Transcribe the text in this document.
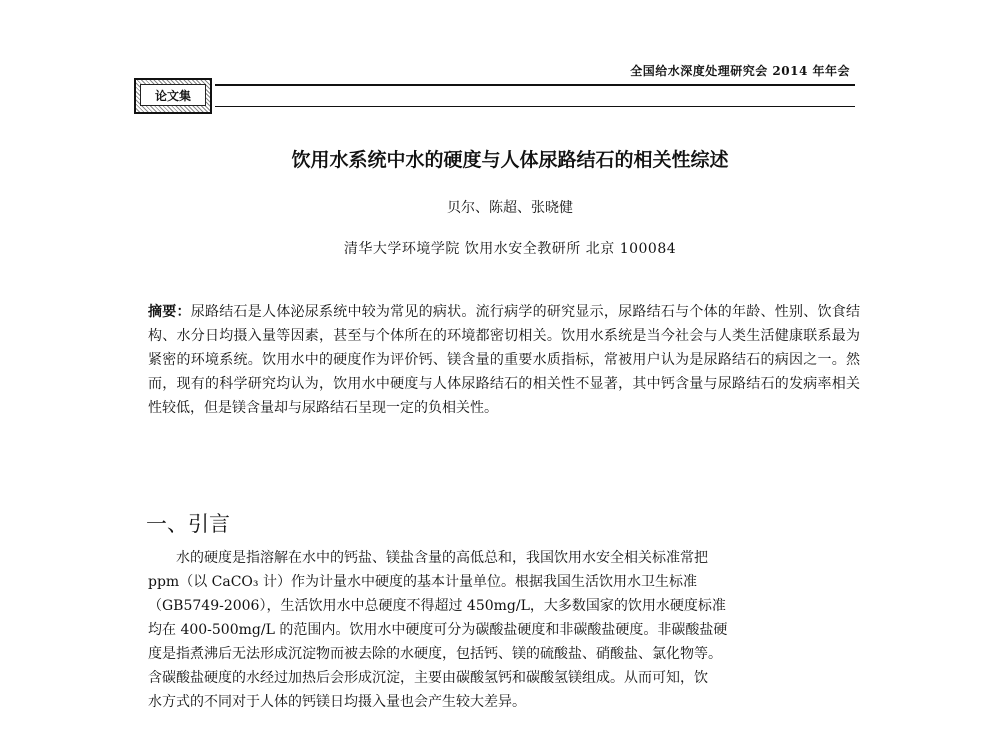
全国给水深度处理研究会 2014 年年会
论文集
饮用水系统中水的硬度与人体尿路结石的相关性综述
贝尔、陈超、张晓健
清华大学环境学院 饮用水安全教研所 北京 100084
摘要：尿路结石是人体泌尿系统中较为常见的病状。流行病学的研究显示，尿路结石与个体的年龄、性别、饮食结构、水分日均摄入量等因素，甚至与个体所在的环境都密切相关。饮用水系统是当今社会与人类生活健康联系最为紧密的环境系统。饮用水中的硬度作为评价钙、镁含量的重要水质指标，常被用户认为是尿路结石的病因之一。然而，现有的科学研究均认为，饮用水中硬度与人体尿路结石的相关性不显著，其中钙含量与尿路结石的发病率相关性较低，但是镁含量却与尿路结石呈现一定的负相关性。
一、引言
水的硬度是指溶解在水中的钙盐、镁盐含量的高低总和，我国饮用水安全相关标准常把
ppm（以 CaCO₃ 计）作为计量水中硬度的基本计量单位。根据我国生活饮用水卫生标准
（GB5749-2006），生活饮用水中总硬度不得超过 450mg/L，大多数国家的饮用水硬度标准
均在 400-500mg/L 的范围内。饮用水中硬度可分为碳酸盐硬度和非碳酸盐硬度。非碳酸盐硬
度是指煮沸后无法形成沉淀物而被去除的水硬度，包括钙、镁的硫酸盐、硝酸盐、氯化物等。
含碳酸盐硬度的水经过加热后会形成沉淀，主要由碳酸氢钙和碳酸氢镁组成。从而可知，饮
水方式的不同对于人体的钙镁日均摄入量也会产生较大差异。
